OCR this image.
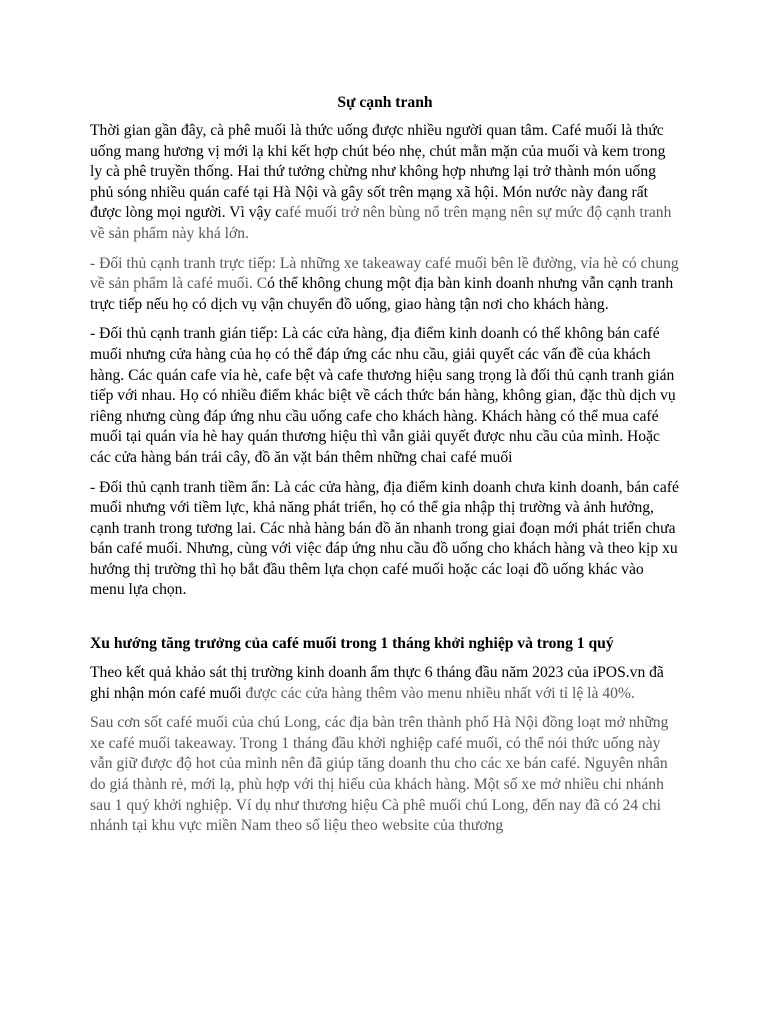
Sự cạnh tranh

Thời gian gần đây, cà phê muối là thức uống được nhiều người quan tâm. Café muối là thức uống mang hương vị mới lạ khi kết hợp chút béo nhẹ, chút mằn mặn của muối và kem trong ly cà phê truyền thống. Hai thứ tưởng chừng như không hợp nhưng lại trở thành món uống phủ sóng nhiều quán café tại Hà Nội và gây sốt trên mạng xã hội. Món nước này đang rất được lòng mọi người. Vì vậy café muối trở nên bùng nổ trên mạng nên sự mức độ cạnh tranh về sản phẩm này khá lớn.

- Đối thủ cạnh tranh trực tiếp: Là những xe takeaway café muối bên lề đường, vỉa hè có chung về sản phẩm là café muối. Có thể không chung một địa bàn kinh doanh nhưng vẫn cạnh tranh trực tiếp nếu họ có dịch vụ vận chuyển đồ uống, giao hàng tận nơi cho khách hàng.

- Đối thủ cạnh tranh gián tiếp: Là các cửa hàng, địa điểm kinh doanh có thể không bán café muối nhưng cửa hàng của họ có thể đáp ứng các nhu cầu, giải quyết các vấn đề của khách hàng. Các quán cafe vỉa hè, cafe bệt và cafe thương hiệu sang trọng là đối thủ cạnh tranh gián tiếp với nhau. Họ có nhiều điểm khác biệt về cách thức bán hàng, không gian, đặc thù dịch vụ riêng nhưng cùng đáp ứng nhu cầu uống cafe cho khách hàng. Khách hàng có thể mua café muối tại quán vỉa hè hay quán thương hiệu thì vẫn giải quyết được nhu cầu của mình. Hoặc các cửa hàng bán trái cây, đồ ăn vặt bán thêm những chai café muối

- Đối thủ cạnh tranh tiềm ẩn: Là các cửa hàng, địa điểm kinh doanh chưa kinh doanh, bán café muối nhưng với tiềm lực, khả năng phát triển, họ có thể gia nhập thị trường và ảnh hưởng, cạnh tranh trong tương lai. Các nhà hàng bán đồ ăn nhanh trong giai đoạn mới phát triển chưa bán café muối. Nhưng, cùng với việc đáp ứng nhu cầu đồ uống cho khách hàng và theo kịp xu hướng thị trường thì họ bắt đầu thêm lựa chọn café muối hoặc các loại đồ uống khác vào menu lựa chọn.

Xu hướng tăng trưởng của café muối trong 1 tháng khởi nghiệp và trong 1 quý

Theo kết quả khảo sát thị trường kinh doanh ẩm thực 6 tháng đầu năm 2023 của iPOS.vn đã ghi nhận món café muối được các cửa hàng thêm vào menu nhiều nhất với tỉ lệ là 40%.

Sau cơn sốt café muối của chú Long, các địa bàn trên thành phố Hà Nội đồng loạt mở những xe café muối takeaway. Trong 1 tháng đầu khởi nghiệp café muối, có thể nói thức uống này vẫn giữ được độ hot của mình nên đã giúp tăng doanh thu cho các xe bán café. Nguyên nhân do giá thành rẻ, mới lạ, phù hợp với thị hiếu của khách hàng. Một số xe mở nhiều chi nhánh sau 1 quý khởi nghiệp. Ví dụ như thương hiệu Cà phê muối chú Long, đến nay đã có 24 chi nhánh tại khu vực miền Nam theo số liệu theo website của thương
